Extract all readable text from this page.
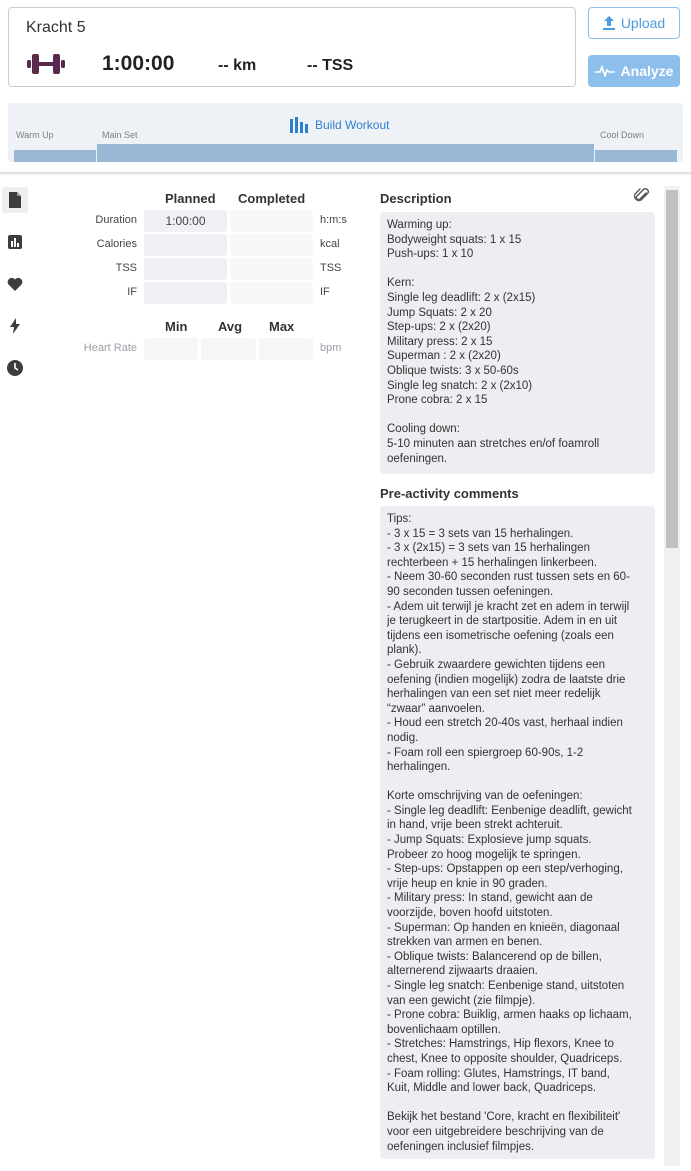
Kracht 5
1:00:00	-- km	-- TSS
Upload
Analyze
Warm Up	Main Set	Cool Down
Build Workout
Planned Completed
Duration	1:00:00	h:m:s
Calories	kcal
TSS	TSS
IF	IF
Min Avg Max
Heart Rate	bpm
Description
Warming up:
Bodyweight squats: 1 x 15
Push-ups: 1 x 10

Kern:
Single leg deadlift: 2 x (2x15)
Jump Squats: 2 x 20
Step-ups: 2 x (2x20)
Military press: 2 x 15
Superman : 2 x (2x20)
Oblique twists: 3 x 50-60s
Single leg snatch: 2 x (2x10)
Prone cobra: 2 x 15

Cooling down:
5-10 minuten aan stretches en/of foamroll
oefeningen.
Pre-activity comments
Tips:
- 3 x 15 = 3 sets van 15 herhalingen.
- 3 x (2x15) = 3 sets van 15 herhalingen
rechterbeen + 15 herhalingen linkerbeen.
- Neem 30-60 seconden rust tussen sets en 60-
90 seconden tussen oefeningen.
- Adem uit terwijl je kracht zet en adem in terwijl
je terugkeert in de startpositie. Adem in en uit
tijdens een isometrische oefening (zoals een
plank).
- Gebruik zwaardere gewichten tijdens een
oefening (indien mogelijk) zodra de laatste drie
herhalingen van een set niet meer redelijk
“zwaar” aanvoelen.
- Houd een stretch 20-40s vast, herhaal indien
nodig.
- Foam roll een spiergroep 60-90s, 1-2
herhalingen.

Korte omschrijving van de oefeningen:
- Single leg deadlift: Eenbenige deadlift, gewicht
in hand, vrije been strekt achteruit.
- Jump Squats: Explosieve jump squats.
Probeer zo hoog mogelijk te springen.
- Step-ups: Opstappen op een step/verhoging,
vrije heup en knie in 90 graden.
- Military press: In stand, gewicht aan de
voorzijde, boven hoofd uitstoten.
- Superman: Op handen en knieën, diagonaal
strekken van armen en benen.
- Oblique twists: Balancerend op de billen,
alternerend zijwaarts draaien.
- Single leg snatch: Eenbenige stand, uitstoten
van een gewicht (zie filmpje).
- Prone cobra: Buiklig, armen haaks op lichaam,
bovenlichaam optillen.
- Stretches: Hamstrings, Hip flexors, Knee to
chest, Knee to opposite shoulder, Quadriceps.
- Foam rolling: Glutes, Hamstrings, IT band,
Kuit, Middle and lower back, Quadriceps.

Bekijk het bestand 'Core, kracht en flexibiliteit'
voor een uitgebreidere beschrijving van de
oefeningen inclusief filmpjes.
